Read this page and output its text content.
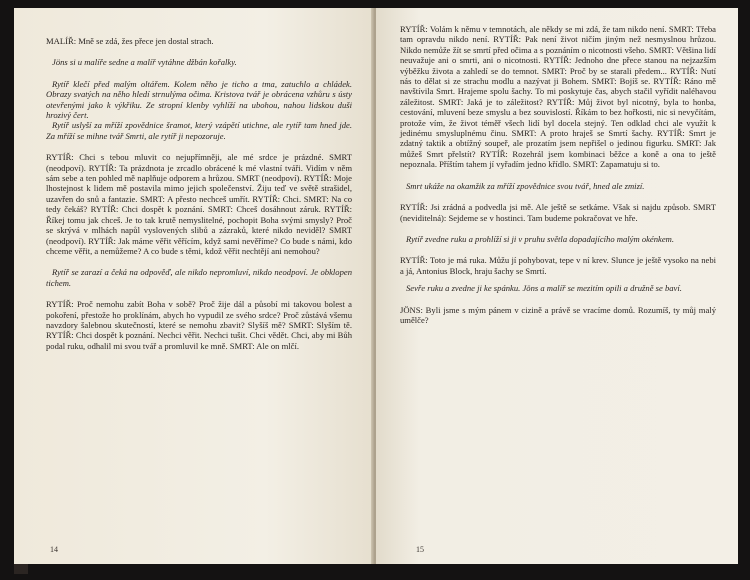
MALÍŘ: Mně se zdá, žes přece jen dostal strach.

Jöns si u malíře sedne a malíř vytáhne džbán kořalky.

Rytíř klečí před malým oltářem. Kolem něho je ticho a tma, zatuchlo a chládek. Obrazy svatých na něho hledí strnulýma očima. Kristova tvář je obrácena vzhůru s ústy otevřenými jako k výkřiku. Ze stropní klenby vyhlíží na ubohou, nahou lidskou duši hrozivý čert.

Rytíř uslyší za mříží zpovědnice šramot, který vzápětí utichne, ale rytíř tam hned jde. Za mříží se mihne tvář Smrti, ale rytíř ji nepozoruje.

RYTÍŘ: Chci s tebou mluvit co nejupřímněji, ale mé srdce je prázdné. SMRT (neodpoví). RYTÍŘ: Ta prázdnota je zrcadlo obrácené k mé vlastní tváři. Vidím v něm sám sebe a ten pohled mě naplňuje odporem a hrůzou. SMRT (neodpoví). RYTÍŘ: Moje lhostejnost k lidem mě postavila mimo jejich společenství. Žiju teď ve světě strašidel, uzavřen do snů a fantazie. SMRT: A přesto nechceš umřít. RYTÍŘ: Chci. SMRT: Na co tedy čekáš? RYTÍŘ: Chci dospět k poznání. SMRT: Chceš dosáhnout záruk. RYTÍŘ: Říkej tomu jak chceš. Je to tak krutě nemyslitelné, pochopit Boha svými smysly? Proč se skrývá v mlhách napůl vyslovených slibů a zázraků, které nikdo neviděl? SMRT (neodpoví). RYTÍŘ: Jak máme věřit věřícím, když sami nevěříme? Co bude s námi, kdo chceme věřit, a nemůžeme? A co bude s těmi, kdož věřit nechtějí ani nemohou?

Rytíř se zarazí a čeká na odpověď, ale nikdo nepromluví, nikdo neodpoví. Je obklopen tichem.

RYTÍŘ: Proč nemohu zabít Boha v sobě? Proč žije dál a působí mi takovou bolest a pokoření, přestože ho proklínám, abych ho vypudil ze svého srdce? Proč zůstává všemu navzdory šalebnou skutečností, které se nemohu zbavit? Slyšíš mě? SMRT: Slyším tě. RYTÍŘ: Chci dospět k poznání. Nechci věřit. Nechci tušit. Chci vědět. Chci, aby mi Bůh podal ruku, odhalil mi svou tvář a promluvil ke mně. SMRT: Ale on mlčí.

14

RYTÍŘ: Volám k němu v temnotách, ale někdy se mi zdá, že tam nikdo není. SMRT: Třeba tam opravdu nikdo není. RYTÍŘ: Pak není život ničím jiným než nesmyslnou hrůzou. Nikdo nemůže žít se smrtí před očima a s poznáním o nicotnosti všeho. SMRT: Většina lidí neuvažuje ani o smrti, ani o nicotnosti. RYTÍŘ: Jednoho dne přece stanou na nejzazším výběžku života a zahledí se do temnot. SMRT: Proč by se starali předem... RYTÍŘ: Nutí nás to dělat si ze strachu modlu a nazývat ji Bohem. SMRT: Bojíš se. RYTÍŘ: Ráno mě navštívila Smrt. Hrajeme spolu šachy. To mi poskytuje čas, abych stačil vyřídit naléhavou záležitost. SMRT: Jaká je to záležitost? RYTÍŘ: Můj život byl nicotný, byla to honba, cestování, mluvení beze smyslu a bez souvislostí. Říkám to bez hořkosti, nic si nevyčítám, protože vím, že život téměř všech lidí byl docela stejný. Ten odklad chci ale využít k jedinému smysluplnému činu. SMRT: A proto hraješ se Smrtí šachy. RYTÍŘ: Smrt je zdatný taktik a obtížný soupeř, ale prozatím jsem nepřišel o jedinou figurku. SMRT: Jak můžeš Smrt přelstít? RYTÍŘ: Rozehrál jsem kombinaci běžce a koně a ona to ještě nepoznala. Příštím tahem jí vyřadím jedno křídlo. SMRT: Zapamatuju si to.

Smrt ukáže na okamžik za mříží zpovědnice svou tvář, hned ale zmizí.

RYTÍŘ: Jsi zrádná a podvedla jsi mě. Ale ještě se setkáme. Však si najdu způsob. SMRT (neviditelná): Sejdeme se v hostinci. Tam budeme pokračovat ve hře.

Rytíř zvedne ruku a prohlíží si ji v pruhu světla dopadajícího malým okénkem.

RYTÍŘ: Toto je má ruka. Můžu jí pohybovat, tepe v ní krev. Slunce je ještě vysoko na nebi a já, Antonius Block, hraju šachy se Smrtí.

Sevře ruku a zvedne ji ke spánku. Jöns a malíř se mezitím opili a družně se baví.

JÖNS: Byli jsme s mým pánem v cizině a právě se vracíme domů. Rozumíš, ty můj malý umělče?

15
